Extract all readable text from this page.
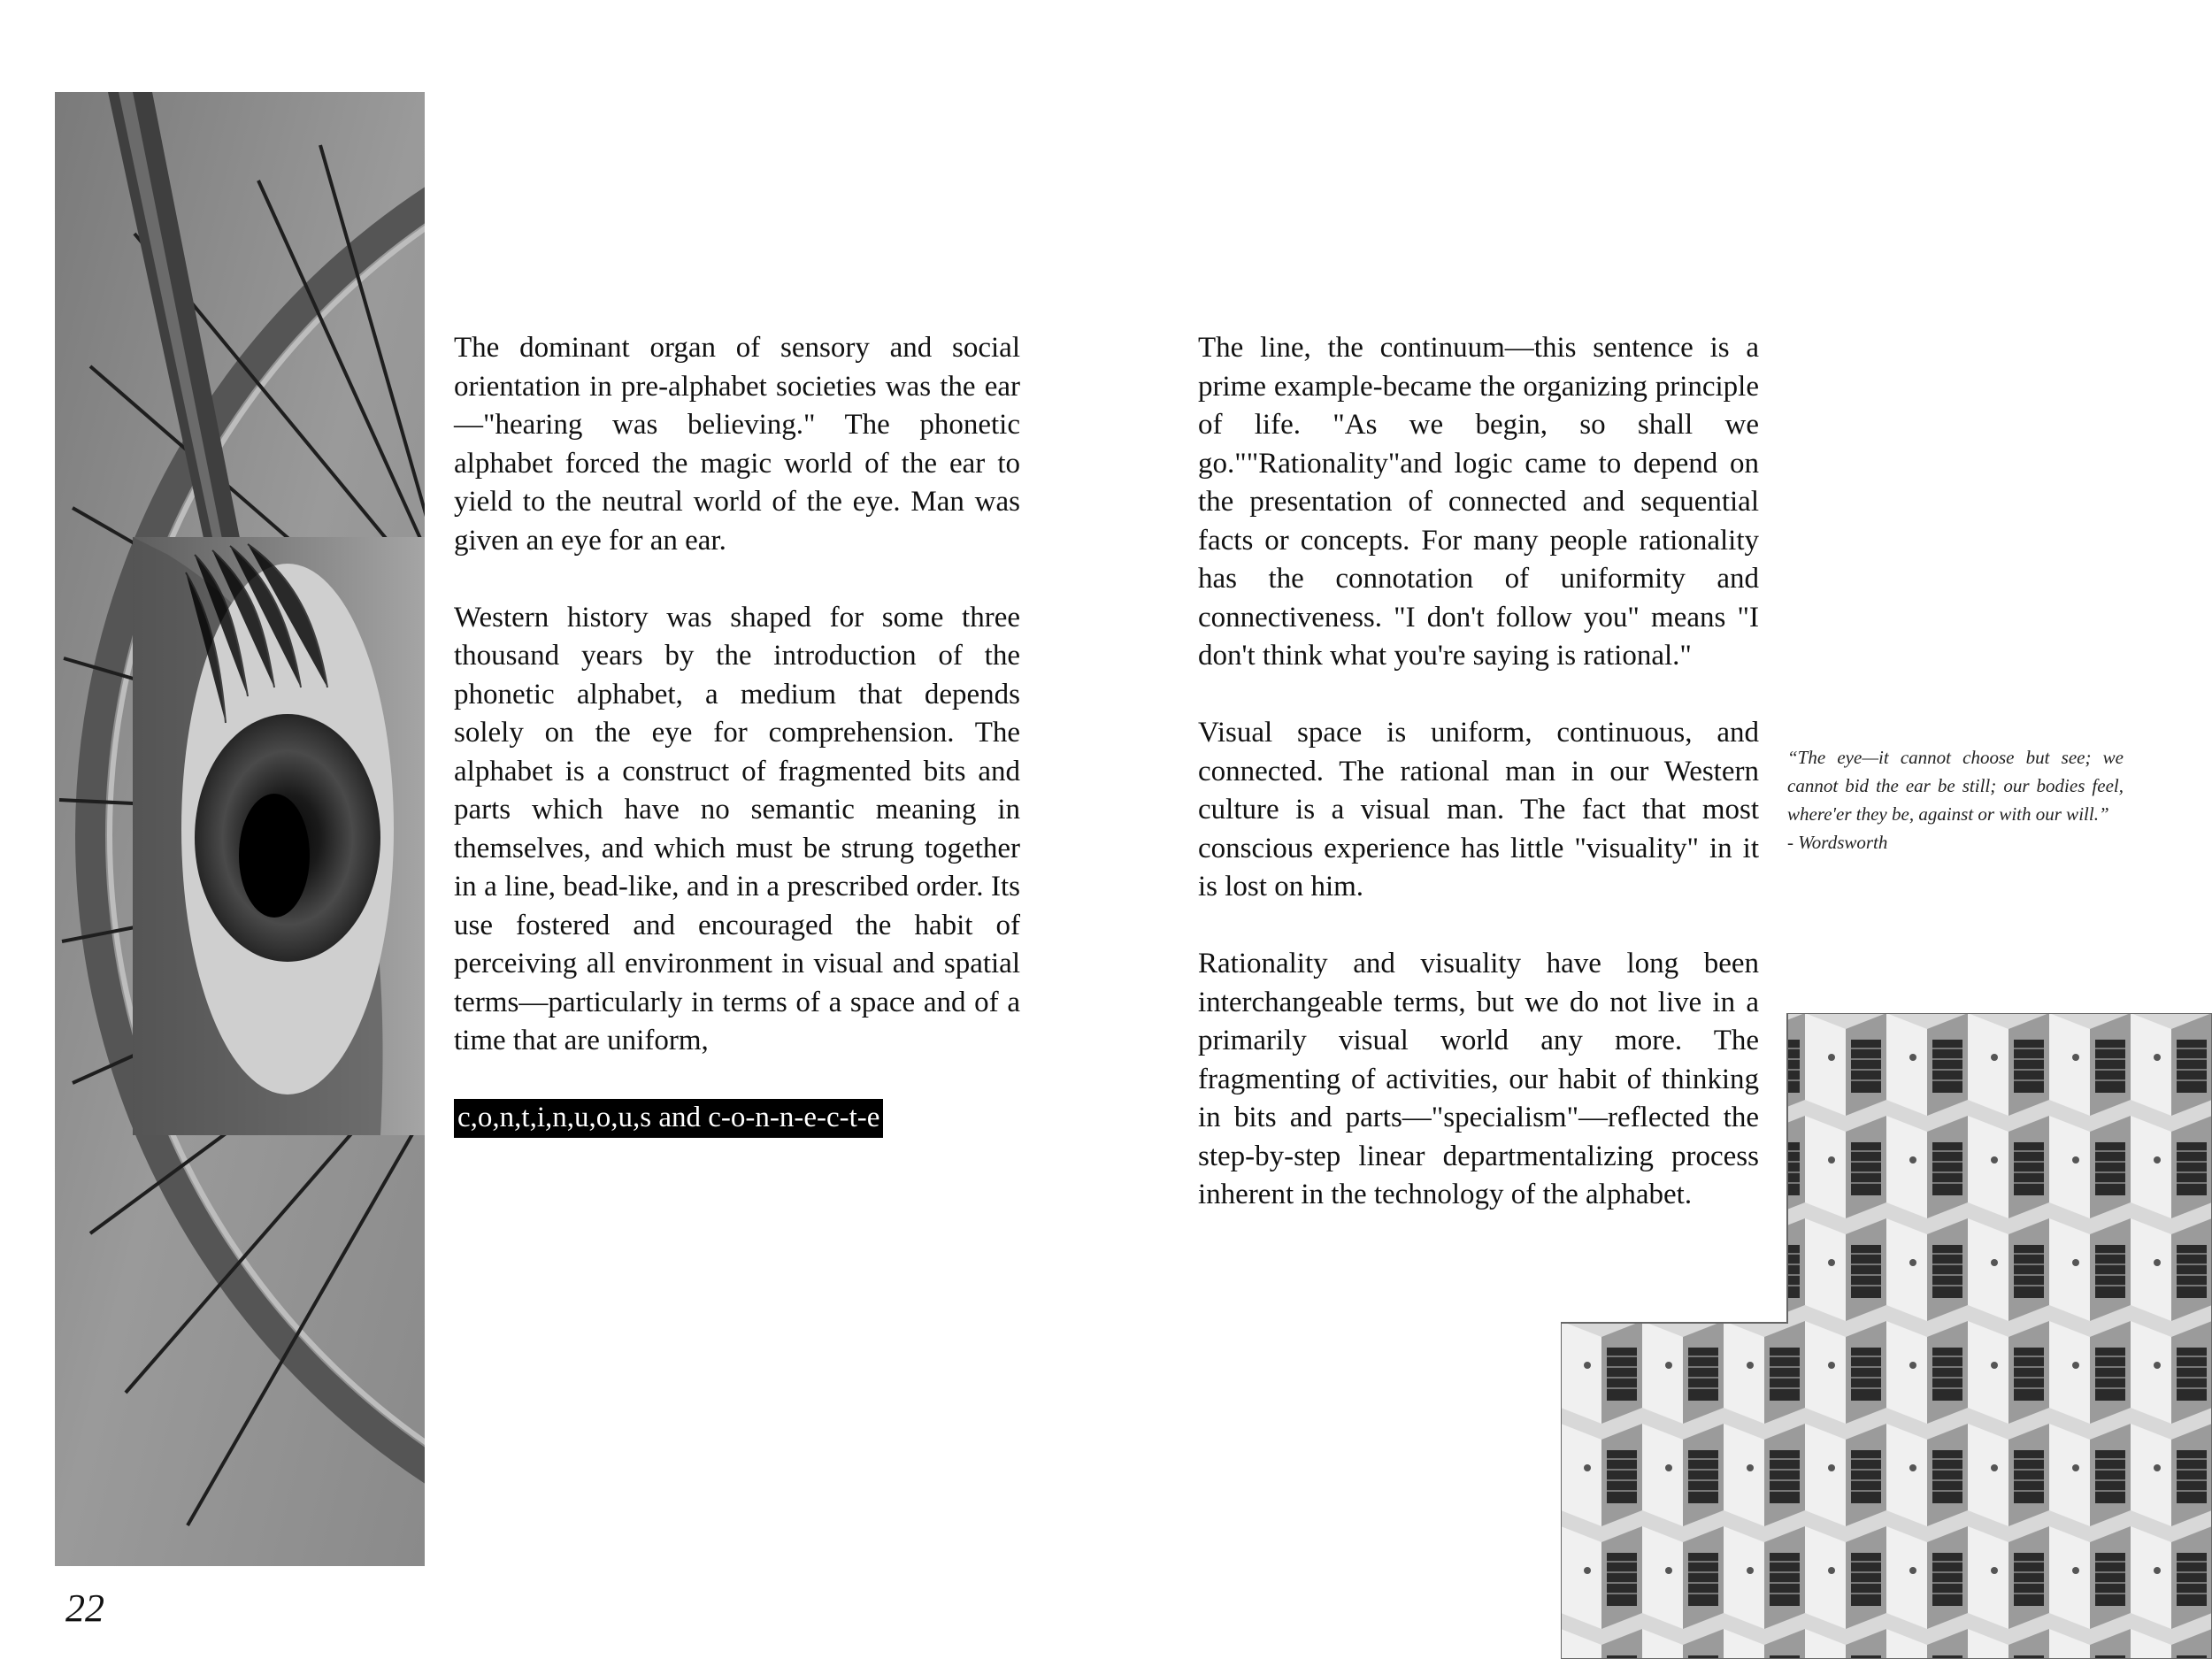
The dominant organ of sensory and social orientation in pre-alphabet societies was the ear—"hearing was believing." The phonetic alphabet forced the magic world of the ear to yield to the neutral world of the eye. Man was given an eye for an ear.

Western history was shaped for some three thousand years by the introduction of the phonetic alphabet, a medium that depends solely on the eye for comprehension. The alphabet is a construct of fragmented bits and parts which have no semantic meaning in themselves, and which must be strung together in a line, bead-like, and in a prescribed order. Its use fostered and encouraged the habit of perceiving all environment in visual and spatial terms—particularly in terms of a space and of a time that are uniform,

c,o,n,t,i,n,u,o,u,s and c-o-n-n-e-c-t-e

The line, the continuum—this sentence is a prime example-became the organizing principle of life. "As we begin, so shall we go.""Rationality"and logic came to depend on the presentation of connected and sequential facts or concepts. For many people rationality has the connotation of uniformity and connectiveness. "I don't follow you" means "I don't think what you're saying is rational."

Visual space is uniform, continuous, and connected. The rational man in our Western culture is a visual man. The fact that most conscious experience has little "visuality" in it is lost on him.

Rationality and visuality have long been interchangeable terms, but we do not live in a primarily visual world any more. The fragmenting of activities, our habit of thinking in bits and parts—"specialism"—reflected the step-by-step linear departmentalizing process inherent in the technology of the alphabet.

“The eye—it cannot choose but see; we cannot bid the ear be still; our bodies feel, where'er they be, against or with our will.”
- Wordsworth
22
